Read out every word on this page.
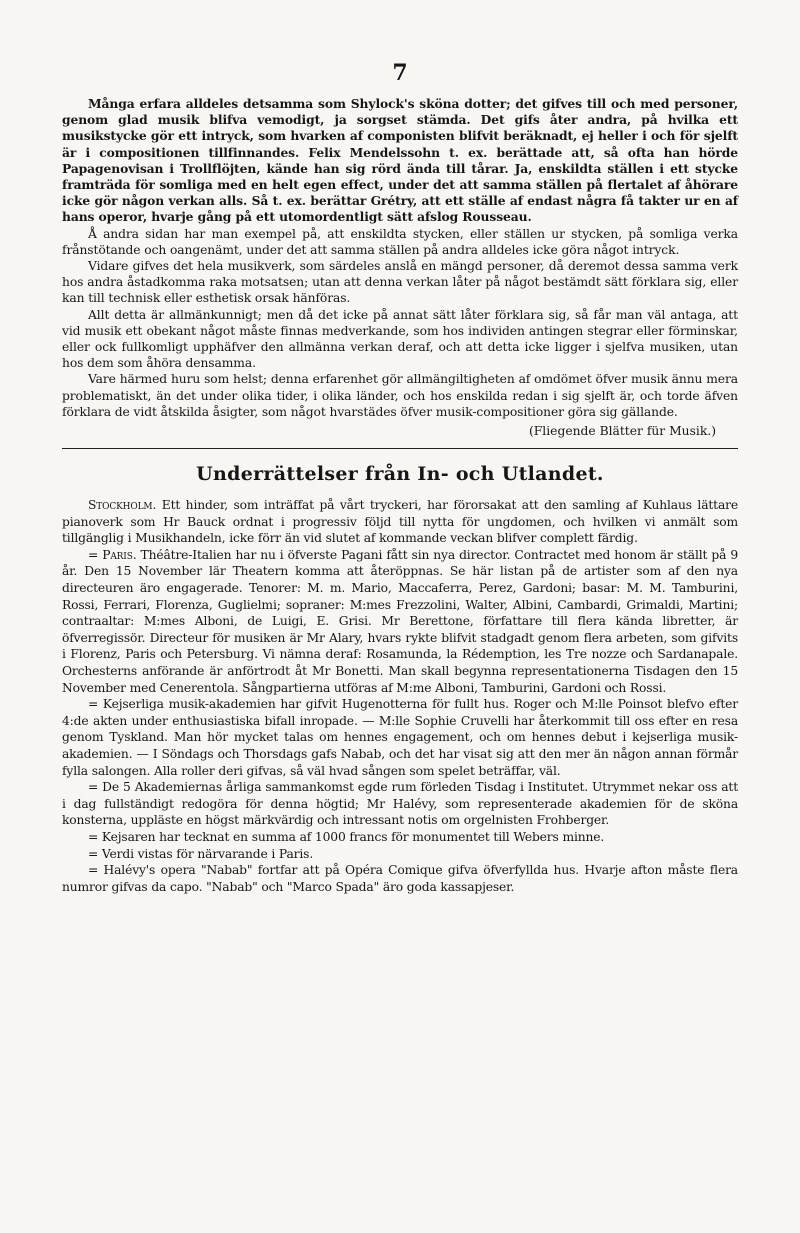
7

Många erfara alldeles detsamma som Shylock's sköna dotter; det gifves till och med personer, genom glad musik blifva vemodigt, ja sorgset stämda. Det gifs åter andra, på hvilka ett musikstycke gör ett intryck, som hvarken af componisten blifvit beräknadt, ej heller i och för sjelft är i compositionen tillfinnandes. Felix Mendelssohn t. ex. berättade att, så ofta han hörde Papagenovisan i Trollflöjten, kände han sig rörd ända till tårar. Ja, enskildta ställen i ett stycke framträda för somliga med en helt egen effect, under det att samma ställen på flertalet af åhörare icke gör någon verkan alls. Så t. ex. berättar Grétry, att ett ställe af endast några få takter ur en af hans operor, hvarje gång på ett utomordentligt sätt afslog Rousseau.

Å andra sidan har man exempel på, att enskildta stycken, eller ställen ur stycken, på somliga verka frånstötande och oangenämt, under det att samma ställen på andra alldeles icke göra något intryck.

Vidare gifves det hela musikverk, som särdeles anslå en mängd personer, då deremot dessa samma verk hos andra åstadkomma raka motsatsen; utan att denna verkan låter på något bestämdt sätt förklara sig, eller kan till technisk eller esthetisk orsak hänföras.

Allt detta är allmänkunnigt; men då det icke på annat sätt låter förklara sig, så får man väl antaga, att vid musik ett obekant något måste finnas medverkande, som hos individen antingen stegrar eller förminskar, eller ock fullkomligt upphäfver den allmänna verkan deraf, och att detta icke ligger i sjelfva musiken, utan hos dem som åhöra densamma.

Vare härmed huru som helst; denna erfarenhet gör allmängiltigheten af omdömet öfver musik ännu mera problematiskt, än det under olika tider, i olika länder, och hos enskilda redan i sig sjelft är, och torde äfven förklara de vidt åtskilda åsigter, som något hvarstädes öfver musik-compositioner göra sig gällande.

(Fliegende Blätter für Musik.)
Underrättelser från In- och Utlandet.

Stockholm. Ett hinder, som inträffat på vårt tryckeri, har förorsakat att den samling af Kuhlaus lättare pianoverk som Hr Bauck ordnat i progressiv följd till nytta för ungdomen, och hvilken vi anmält som tillgänglig i Musikhandeln, icke förr än vid slutet af kommande veckan blifver complett färdig.

= Paris. Théâtre-Italien har nu i öfverste Pagani fått sin nya director. Contractet med honom är ställt på 9 år. Den 15 November lär Theatern komma att återöppnas. Se här listan på de artister som af den nya directeuren äro engagerade. Tenorer: M. m. Mario, Maccaferra, Perez, Gardoni; basar: M. M. Tamburini, Rossi, Ferrari, Florenza, Guglielmi; sopraner: M:mes Frezzolini, Walter, Albini, Cambardi, Grimaldi, Martini; contraaltar: M:mes Alboni, de Luigi, E. Grisi. Mr Berettone, författare till flera kända libretter, är öfverregissör. Directeur för musiken är Mr Alary, hvars rykte blifvit stadgadt genom flera arbeten, som gifvits i Florenz, Paris och Petersburg. Vi nämna deraf: Rosamunda, la Rédemption, les Tre nozze och Sardanapale. Orchesterns anförande är anförtrodt åt Mr Bonetti. Man skall begynna representationerna Tisdagen den 15 November med Cenerentola. Sångpartierna utföras af M:me Alboni, Tamburini, Gardoni och Rossi.

= Kejserliga musik-akademien har gifvit Hugenotterna för fullt hus. Roger och M:lle Poinsot blefvo efter 4:de akten under enthusiastiska bifall inropade. — M:lle Sophie Cruvelli har återkommit till oss efter en resa genom Tyskland. Man hör mycket talas om hennes engagement, och om hennes debut i kejserliga musik-akademien. — I Söndags och Thorsdags gafs Nabab, och det har visat sig att den mer än någon annan förmår fylla salongen. Alla roller deri gifvas, så väl hvad sången som spelet beträffar, väl.

= De 5 Akademiernas årliga sammankomst egde rum förleden Tisdag i Institutet. Utrymmet nekar oss att i dag fullständigt redogöra för denna högtid; Mr Halévy, som representerade akademien för de sköna konsterna, uppläste en högst märkvärdig och intressant notis om orgelnisten Frohberger.

= Kejsaren har tecknat en summa af 1000 francs för monumentet till Webers minne.

= Verdi vistas för närvarande i Paris.

= Halévy's opera "Nabab" fortfar att på Opéra Comique gifva öfverfyllda hus. Hvarje afton måste flera numror gifvas da capo. "Nabab" och "Marco Spada" äro goda kassapjeser.
